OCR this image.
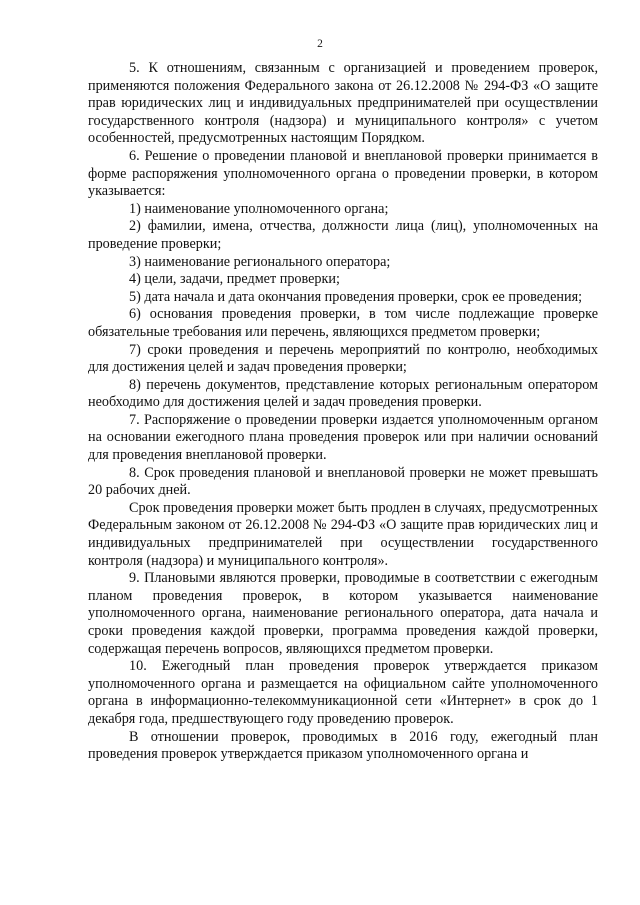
2

5. К отношениям, связанным с организацией и проведением проверок, применяются положения Федерального закона от 26.12.2008 № 294-ФЗ «О защите прав юридических лиц и индивидуальных предпринимателей при осуществлении государственного контроля (надзора) и муниципального контроля» с учетом особенностей, предусмотренных настоящим Порядком.

6. Решение о проведении плановой и внеплановой проверки принимается в форме распоряжения уполномоченного органа о проведении проверки, в котором указывается:

1) наименование уполномоченного органа;

2) фамилии, имена, отчества, должности лица (лиц), уполномоченных на проведение проверки;

3) наименование регионального оператора;

4) цели, задачи, предмет проверки;

5) дата начала и дата окончания проведения проверки, срок ее проведения;

6) основания проведения проверки, в том числе подлежащие проверке обязательные требования или перечень, являющихся предметом проверки;

7) сроки проведения и перечень мероприятий по контролю, необходимых для достижения целей и задач проведения проверки;

8) перечень документов, представление которых региональным оператором необходимо для достижения целей и задач проведения проверки.

7. Распоряжение о проведении проверки издается уполномоченным органом на основании ежегодного плана проведения проверок или при наличии оснований для проведения внеплановой проверки.

8. Срок проведения плановой и внеплановой проверки не может превышать 20 рабочих дней.

Срок проведения проверки может быть продлен в случаях, предусмотренных Федеральным законом от 26.12.2008 № 294-ФЗ «О защите прав юридических лиц и индивидуальных предпринимателей при осуществлении государственного контроля (надзора) и муниципального контроля».

9. Плановыми являются проверки, проводимые в соответствии с ежегодным планом проведения проверок, в котором указывается наименование уполномоченного органа, наименование регионального оператора, дата начала и сроки проведения каждой проверки, программа проведения каждой проверки, содержащая перечень вопросов, являющихся предметом проверки.

10. Ежегодный план проведения проверок утверждается приказом уполномоченного органа и размещается на официальном сайте уполномоченного органа в информационно-телекоммуникационной сети «Интернет» в срок до 1 декабря года, предшествующего году проведению проверок.

В отношении проверок, проводимых в 2016 году, ежегодный план проведения проверок утверждается приказом уполномоченного органа и
